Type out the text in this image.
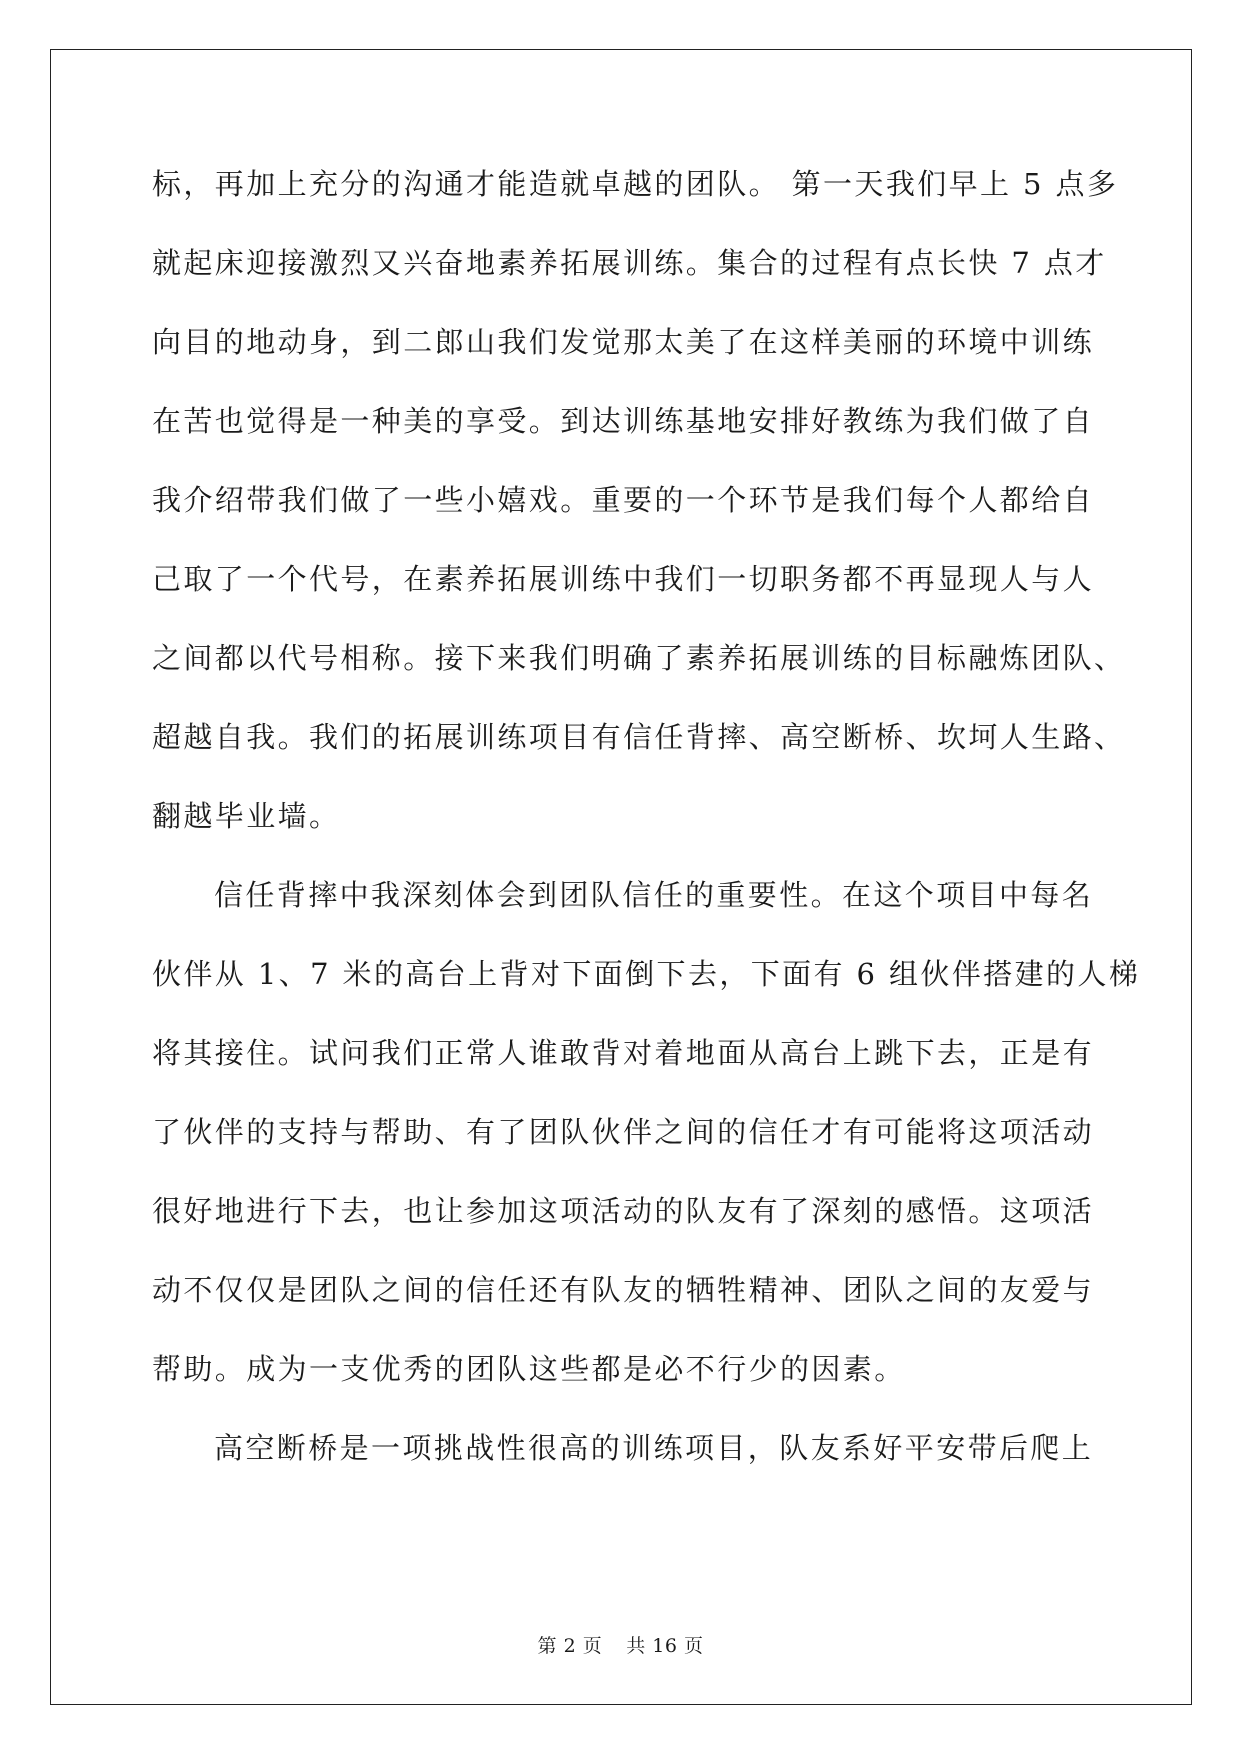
标，再加上充分的沟通才能造就卓越的团队。 第一天我们早上 5 点多
就起床迎接激烈又兴奋地素养拓展训练。集合的过程有点长快 7 点才
向目的地动身，到二郎山我们发觉那太美了在这样美丽的环境中训练
在苦也觉得是一种美的享受。到达训练基地安排好教练为我们做了自
我介绍带我们做了一些小嬉戏。重要的一个环节是我们每个人都给自
己取了一个代号，在素养拓展训练中我们一切职务都不再显现人与人
之间都以代号相称。接下来我们明确了素养拓展训练的目标融炼团队、
超越自我。我们的拓展训练项目有信任背摔、高空断桥、坎坷人生路、
翻越毕业墙。
信任背摔中我深刻体会到团队信任的重要性。在这个项目中每名
伙伴从 1、7 米的高台上背对下面倒下去，下面有 6 组伙伴搭建的人梯
将其接住。试问我们正常人谁敢背对着地面从高台上跳下去，正是有
了伙伴的支持与帮助、有了团队伙伴之间的信任才有可能将这项活动
很好地进行下去，也让参加这项活动的队友有了深刻的感悟。这项活
动不仅仅是团队之间的信任还有队友的牺牲精神、团队之间的友爱与
帮助。成为一支优秀的团队这些都是必不行少的因素。
高空断桥是一项挑战性很高的训练项目，队友系好平安带后爬上
第 2 页 共 16 页
